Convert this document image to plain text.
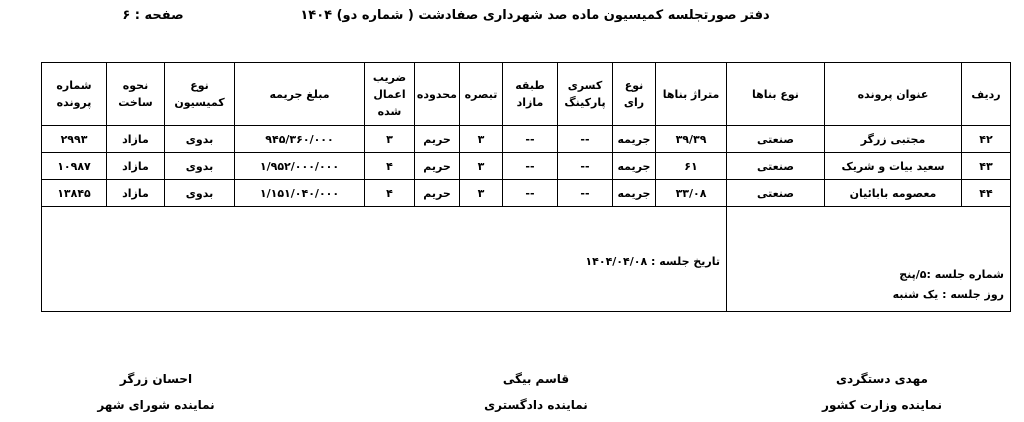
دفتر صورتجلسه کمیسیون ماده صد شهرداری صفادشت ( شماره دو) ۱۴۰۴
صفحه : ۶
ردیف	عنوان پرونده	نوع بناها	متراژ بناها	نوع رای	کسری پارکینگ	طبقه مازاد	تبصره	محدوده	ضریب اعمال شده	مبلغ جریمه	نوع کمیسیون	نحوه ساخت	شماره پرونده
۴۲	مجتبی زرگر	صنعتی	۳۹/۳۹	جریمه	--	--	۳	حریم	۳	۹۴۵/۳۶۰/۰۰۰	بدوی	مازاد	۲۹۹۳
۴۳	سعید بیات و شریک	صنعتی	۶۱	جریمه	--	--	۳	حریم	۴	۱/۹۵۲/۰۰۰/۰۰۰	بدوی	مازاد	۱۰۹۸۷
۴۴	معصومه بابائیان	صنعتی	۳۳/۰۸	جریمه	--	--	۳	حریم	۴	۱/۱۵۱/۰۴۰/۰۰۰	بدوی	مازاد	۱۳۸۴۵

شماره جلسه :۵/پنج
روز جلسه : یک شنبه			تاریخ جلسه : ۱۴۰۴/۰۴/۰۸										
مهدی دستگردی
نماینده وزارت کشور
قاسم بیگی
نماینده دادگستری
احسان زرگر
نماینده شورای شهر
